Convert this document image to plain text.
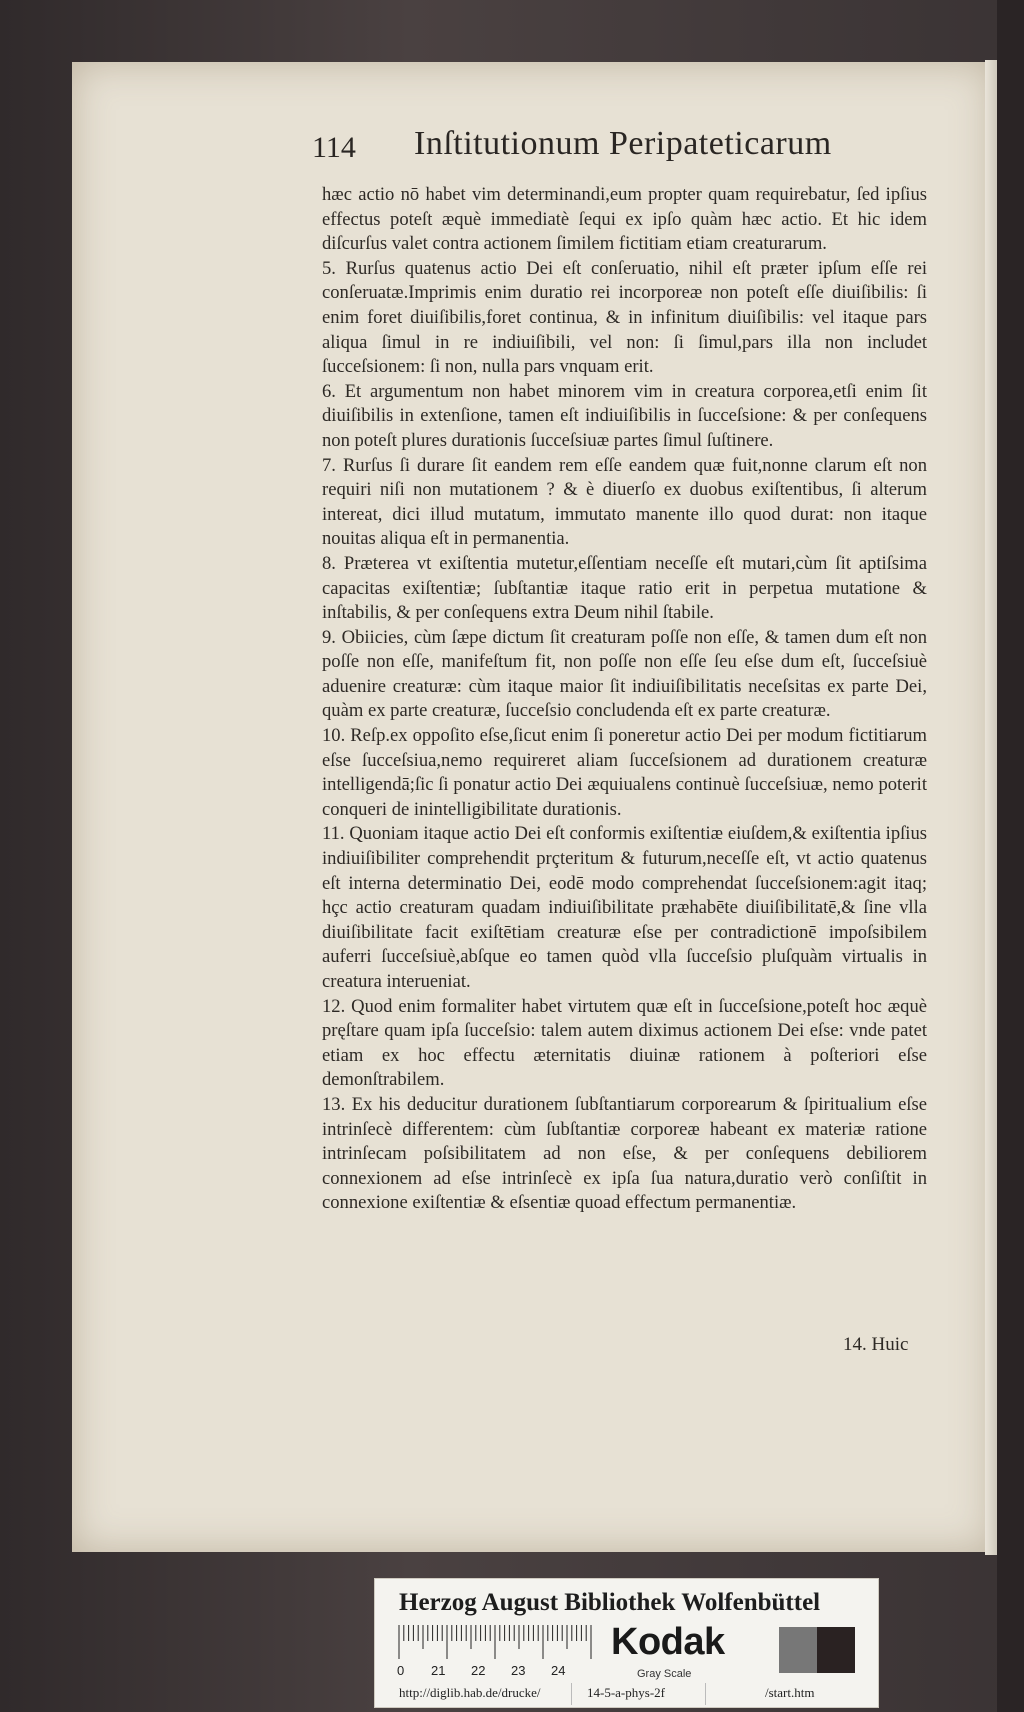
114 Inſtitutionum Peripateticarum

hæc actio nō habet vim determinandi,eum propter quam requirebatur, ſed ipſius effectus poteſt æquè immediatè ſequi ex ipſo quàm hæc actio. Et hic idem diſcurſus valet contra actionem ſimilem fictitiam etiam creaturarum.

5. Rurſus quatenus actio Dei eſt conſeruatio, nihil eſt præter ipſum eſſe rei conſeruatæ.Imprimis enim duratio rei incorporeæ non poteſt eſſe diuiſibilis: ſi enim foret diuiſibilis,foret continua, & in infinitum diuiſibilis: vel itaque pars aliqua ſimul in re indiuiſibili, vel non: ſi ſimul,pars illa non includet ſucceſsionem: ſi non, nulla pars vnquam erit.

6. Et argumentum non habet minorem vim in creatura corporea,etſi enim ſit diuiſibilis in extenſione, tamen eſt indiuiſibilis in ſucceſsione: & per conſequens non poteſt plures durationis ſucceſsiuæ partes ſimul ſuſtinere.

7. Rurſus ſi durare ſit eandem rem eſſe eandem quæ fuit,nonne clarum eſt non requiri niſi non mutationem ? & è diuerſo ex duobus exiſtentibus, ſi alterum intereat, dici illud mutatum, immutato manente illo quod durat: non itaque nouitas aliqua eſt in permanentia.

8. Præterea vt exiſtentia mutetur,eſſentiam neceſſe eſt mutari,cùm ſit aptiſsima capacitas exiſtentiæ; ſubſtantiæ itaque ratio erit in perpetua mutatione & inſtabilis, & per conſequens extra Deum nihil ſtabile.

9. Obiicies, cùm ſæpe dictum ſit creaturam poſſe non eſſe, & tamen dum eſt non poſſe non eſſe, manifeſtum fit, non poſſe non eſſe ſeu eſse dum eſt, ſucceſsiuè aduenire creaturæ: cùm itaque maior ſit indiuiſibilitatis neceſsitas ex parte Dei, quàm ex parte creaturæ, ſucceſsio concludenda eſt ex parte creaturæ.

10. Reſp.ex oppoſito eſse,ſicut enim ſi poneretur actio Dei per modum fictitiarum eſse ſucceſsiua,nemo requireret aliam ſucceſsionem ad durationem creaturæ intelligendā;ſic ſi ponatur actio Dei æquiualens continuè ſucceſsiuæ, nemo poterit conqueri de inintelligibilitate durationis.

11. Quoniam itaque actio Dei eſt conformis exiſtentiæ eiuſdem,& exiſtentia ipſius indiuiſibiliter comprehendit prçteritum & futurum,neceſſe eſt, vt actio quatenus eſt interna determinatio Dei, eodē modo comprehendat ſucceſsionem:agit itaq; hçc actio creaturam quadam indiuiſibilitate præhabēte diuiſibilitatē,& ſine vlla diuiſibilitate facit exiſtētiam creaturæ eſse per contradictionē impoſsibilem auferri ſucceſsiuè,abſque eo tamen quòd vlla ſucceſsio pluſquàm virtualis in creatura interueniat.

12. Quod enim formaliter habet virtutem quæ eſt in ſucceſsione,poteſt hoc æquè pręſtare quam ipſa ſucceſsio: talem autem diximus actionem Dei eſse: vnde patet etiam ex hoc effectu æternitatis diuinæ rationem à poſteriori eſse demonſtrabilem.

13. Ex his deducitur durationem ſubſtantiarum corporearum & ſpiritualium eſse intrinſecè differentem: cùm ſubſtantiæ corporeæ habeant ex materiæ ratione intrinſecam poſsibilitatem ad non eſse, & per conſequens debiliorem connexionem ad eſse intrinſecè ex ipſa ſua natura,duratio verò conſiſtit in connexione exiſtentiæ & eſsentiæ quoad effectum permanentiæ.

14. Huic
Herzog August Bibliothek Wolfenbüttel
0 21 22 23 24
Kodak
Gray Scale
http://diglib.hab.de/drucke/	14-5-a-phys-2f	/start.htm
